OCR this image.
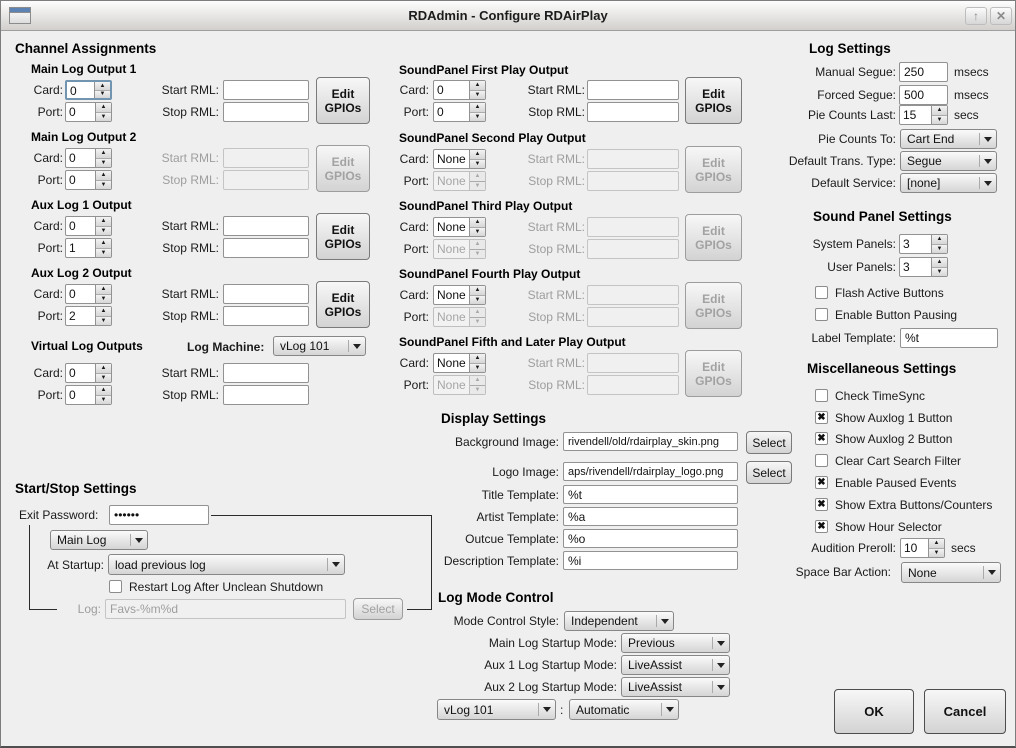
RDAdmin - Configure RDAirPlay	↑ ✕
Channel Assignments
Main Log Output 1
Card: 0
▲
▼
Port: 0
▲
▼
Start RML:
Stop RML:
Edit GPIOs
Main Log Output 2
Card: 0
▲
▼
Port: 0
▲
▼
Start RML:
Stop RML:
Edit GPIOs
Aux Log 1 Output
Card: 0
▲
▼
Port: 1
▲
▼
Start RML:
Stop RML:
Edit GPIOs
Aux Log 2 Output
Card: 0
▲
▼
Port: 2
▲
▼
Start RML:
Stop RML:
Edit GPIOs
Virtual Log Outputs	Log Machine: vLog 101
Card: 0
▲
▼
Port: 0
▲
▼
Start RML:
Stop RML:
SoundPanel First Play Output
Card: 0
▲
▼
Port: 0
▲
▼
Start RML:
Stop RML:
Edit GPIOs
SoundPanel Second Play Output
Card: None
▲
▼
Port: None
▲
▼
Start RML:
Stop RML:
Edit GPIOs
SoundPanel Third Play Output
Card: None
▲
▼
Port: None
▲
▼
Start RML:
Stop RML:
Edit GPIOs
SoundPanel Fourth Play Output
Card: None
▲
▼
Port: None
▲
▼
Start RML:
Stop RML:
Edit GPIOs
SoundPanel Fifth and Later Play Output
Card: None
▲
▼
Port: None
▲
▼
Start RML:
Stop RML:
Edit GPIOs
Display Settings
Background Image: rivendell/old/rdairplay_skin.png	Select
Logo Image: aps/rivendell/rdairplay_logo.png	Select
Title Template: %t
Artist Template: %a
Outcue Template: %o
Description Template: %i
Log Mode Control
Mode Control Style: Independent
Main Log Startup Mode: Previous
Aux 1 Log Startup Mode: LiveAssist
Aux 2 Log Startup Mode: LiveAssist
vLog 101	: Automatic
Log Settings
Manual Segue: 250	msecs
Forced Segue: 500	msecs
Pie Counts Last: 15 ▲
▼	secs
Pie Counts To: Cart End
Default Trans. Type: Segue
Default Service: [none]
Sound Panel Settings
System Panels: 3
▲
▼
User Panels: 3
▲
▼
Flash Active Buttons
Enable Button Pausing
Label Template: %t
Miscellaneous Settings
Check TimeSync
✖ Show Auxlog 1 Button
✖ Show Auxlog 2 Button
Clear Cart Search Filter
✖ Enable Paused Events
✖ Show Extra Buttons/Counters
✖ Show Hour Selector
Audition Preroll: 10 ▲
▼	secs
Space Bar Action: None
Start/Stop Settings
Exit Password:	••••••
Main Log
At Startup: load previous log
Restart Log After Unclean Shutdown
Log: Favs-%m%d	Select
OK	Cancel
